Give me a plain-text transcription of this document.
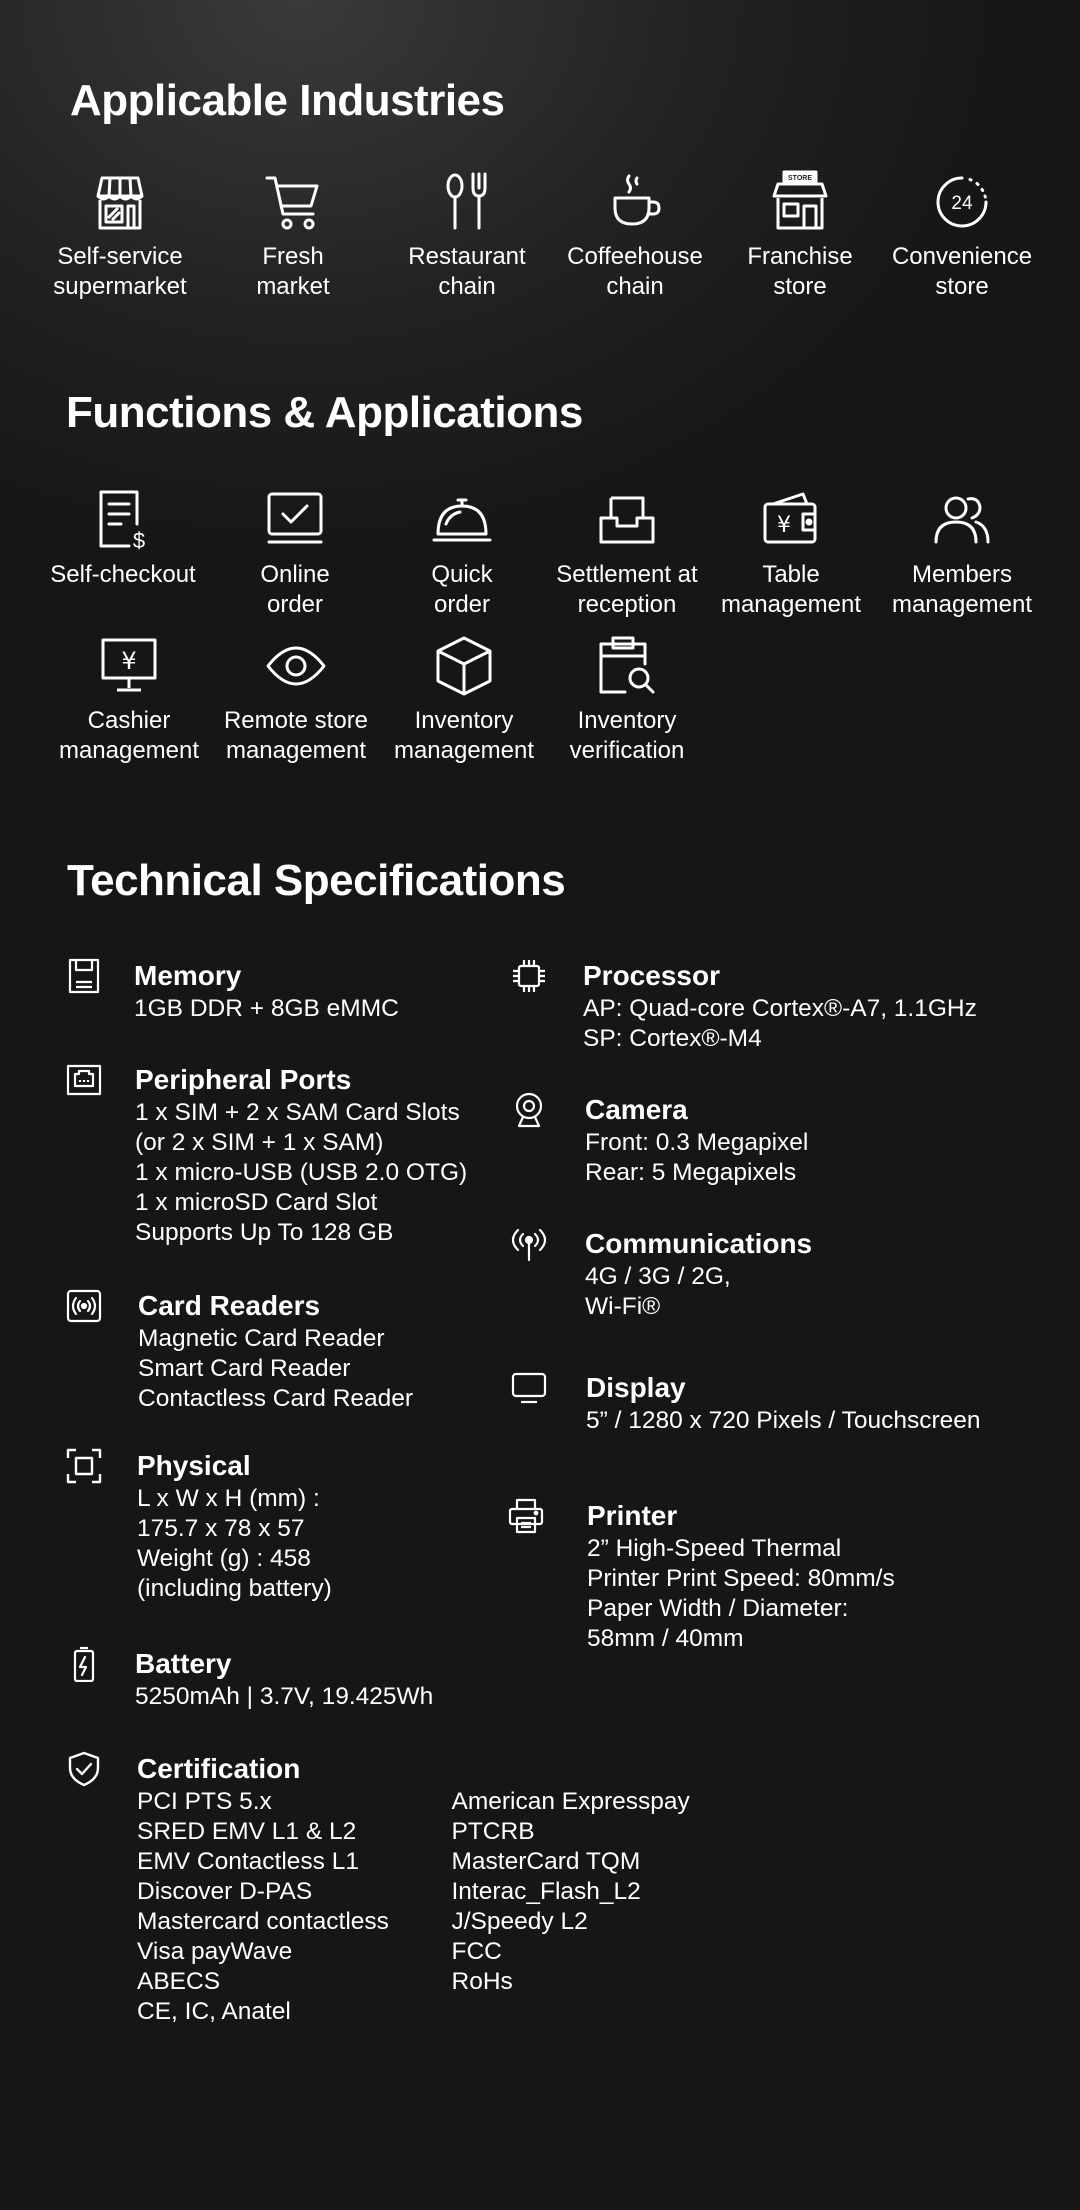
Applicable Industries
Self-service
supermarket
Fresh
market
Restaurant
chain
Coffeehouse
chain
STORE
Franchise
store
24
Convenience
store
Functions & Applications
$
Self-checkout	Online
order
Quick
order
Settlement at
reception
¥
Table
management
Members
management
¥
Cashier
management
Remote store
management
Inventory
management
Inventory
verification
Technical Specifications
Memory
1GB DDR + 8GB eMMC
Peripheral Ports
1 x SIM + 2 x SAM Card Slots
(or 2 x SIM + 1 x SAM)
1 x micro-USB (USB 2.0 OTG)
1 x microSD Card Slot
Supports Up To 128 GB
Card Readers
Magnetic Card Reader
Smart Card Reader
Contactless Card Reader
Physical
L x W x H (mm) :
175.7 x 78 x 57
Weight (g) : 458
(including battery)
Battery
5250mAh | 3.7V, 19.425Wh
Certification
PCI PTS 5.x
SRED EMV L1 & L2
EMV Contactless L1
Discover D-PAS
Mastercard contactless
Visa payWave
ABECS
CE, IC, Anatel
American Expresspay
PTCRB
MasterCard TQM
Interac_Flash_L2
J/Speedy L2
FCC
RoHs
Processor
AP: Quad-core Cortex®-A7, 1.1GHz
SP: Cortex®-M4
Camera
Front: 0.3 Megapixel
Rear: 5 Megapixels
Communications
4G / 3G / 2G,
Wi-Fi®
Display
5” / 1280 x 720 Pixels / Touchscreen
Printer
2” High-Speed Thermal
Printer Print Speed: 80mm/s
Paper Width / Diameter:
58mm / 40mm
